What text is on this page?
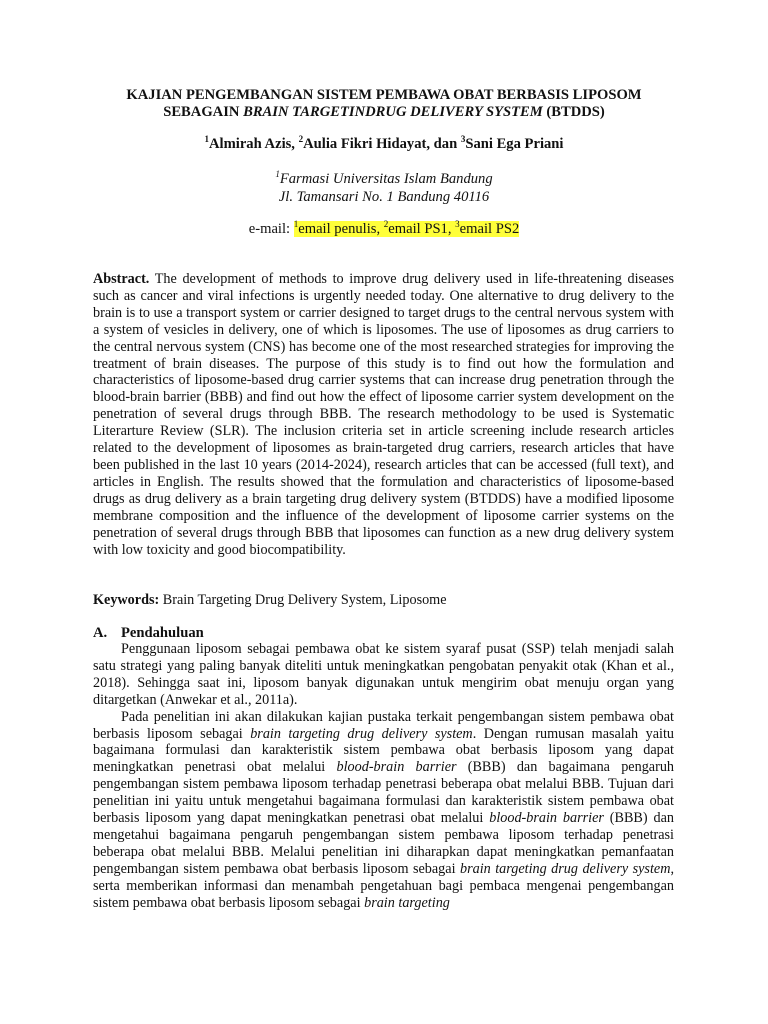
KAJIAN PENGEMBANGAN SISTEM PEMBAWA OBAT BERBASIS LIPOSOM
SEBAGAIN BRAIN TARGETINDRUG DELIVERY SYSTEM (BTDDS)
$^1$Almirah Azis, $^2$Aulia Fikri Hidayat, dan $^3$Sani Ega Priani
$^1$Farmasi Universitas Islam Bandung
Jl. Tamansari No. 1 Bandung 40116
e-mail: $^1$email penulis, $^2$email PS1, $^3$email PS2
Abstract. The development of methods to improve drug delivery used in life-threatening diseases such as cancer and viral infections is urgently needed today. One alternative to drug delivery to the brain is to use a transport system or carrier designed to target drugs to the central nervous system with a system of vesicles in delivery, one of which is liposomes. The use of liposomes as drug carriers to the central nervous system (CNS) has become one of the most researched strategies for improving the treatment of brain diseases. The purpose of this study is to find out how the formulation and characteristics of liposome-based drug carrier systems that can increase drug penetration through the blood-brain barrier (BBB) and find out how the effect of liposome carrier system development on the penetration of several drugs through BBB. The research methodology to be used is Systematic Literarture Review (SLR). The inclusion criteria set in article screening include research articles related to the development of liposomes as brain-targeted drug carriers, research articles that have been published in the last 10 years (2014-2024), research articles that can be accessed (full text), and articles in English. The results showed that the formulation and characteristics of liposome-based drugs as drug delivery as a brain targeting drug delivery system (BTDDS) have a modified liposome membrane composition and the influence of the development of liposome carrier systems on the penetration of several drugs through BBB that liposomes can function as a new drug delivery system with low toxicity and good biocompatibility.
Keywords: Brain Targeting Drug Delivery System, Liposome
A. Pendahuluan

Penggunaan liposom sebagai pembawa obat ke sistem syaraf pusat (SSP) telah menjadi salah satu strategi yang paling banyak diteliti untuk meningkatkan pengobatan penyakit otak (Khan et al., 2018). Sehingga saat ini, liposom banyak digunakan untuk mengirim obat menuju organ yang ditargetkan (Anwekar et al., 2011a).

Pada penelitian ini akan dilakukan kajian pustaka terkait pengembangan sistem pembawa obat berbasis liposom sebagai brain targeting drug delivery system. Dengan rumusan masalah yaitu bagaimana formulasi dan karakteristik sistem pembawa obat berbasis liposom yang dapat meningkatkan penetrasi obat melalui blood-brain barrier (BBB) dan bagaimana pengaruh pengembangan sistem pembawa liposom terhadap penetrasi beberapa obat melalui BBB. Tujuan dari penelitian ini yaitu untuk mengetahui bagaimana formulasi dan karakteristik sistem pembawa obat berbasis liposom yang dapat meningkatkan penetrasi obat melalui blood-brain barrier (BBB) dan mengetahui bagaimana pengaruh pengembangan sistem pembawa liposom terhadap penetrasi beberapa obat melalui BBB. Melalui penelitian ini diharapkan dapat meningkatkan pemanfaatan pengembangan sistem pembawa obat berbasis liposom sebagai brain targeting drug delivery system, serta memberikan informasi dan menambah pengetahuan bagi pembaca mengenai pengembangan sistem pembawa obat berbasis liposom sebagai brain targeting
